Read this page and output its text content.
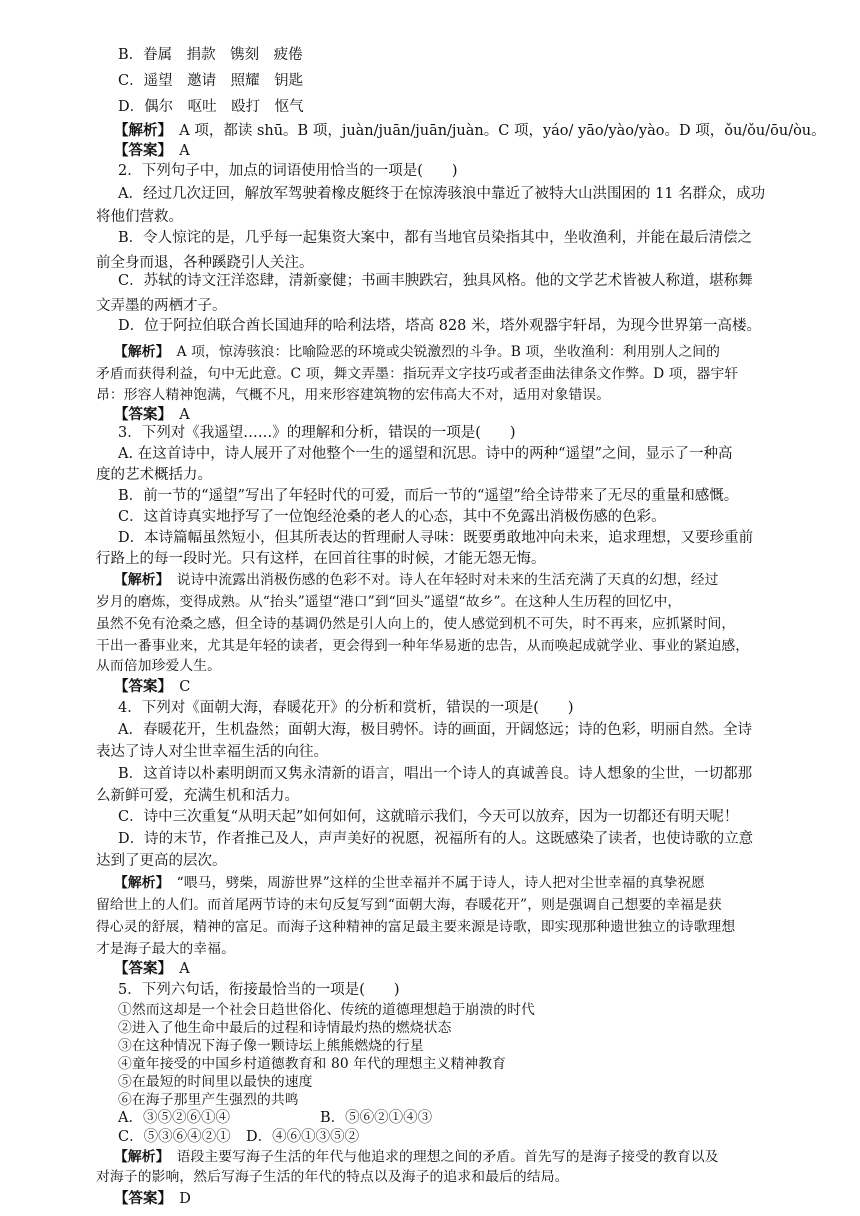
B．眷属　捐款　镌刻　疲倦
C．遥望　邀请　照耀　钥匙
D．偶尔　呕吐　殴打　怄气
【解析】　 A 项，都读 shū。B 项，juàn/juān/juān/juàn。C 项，yáo/ yāo/yào/yào。D 项，ǒu/ǒu/ōu/òu。
【答案】　 A
2．下列句子中，加点的词语使用恰当的一项是(　　)
A．经过几次迂回，解放军驾驶着橡皮艇终于在惊涛骇浪中靠近了被特大山洪围困的 11 名群众，成功
将他们营救。
B．令人惊诧的是，几乎每一起集资大案中，都有当地官员染指其中，坐收渔利，并能在最后清偿之
前全身而退，各种蹊跷引人关注。
C．苏轼的诗文汪洋恣肆，清新豪健；书画丰腴跌宕，独具风格。他的文学艺术皆被人称道，堪称舞
文弄墨的两栖才子。
D．位于阿拉伯联合酋长国迪拜的哈利法塔，塔高 828 米，塔外观器宇轩昂，为现今世界第一高楼。
【解析】　 A 项，惊涛骇浪：比喻险恶的环境或尖锐激烈的斗争。B 项，坐收渔利：利用别人之间的
矛盾而获得利益，句中无此意。C 项，舞文弄墨：指玩弄文字技巧或者歪曲法律条文作弊。D 项，器宇轩
昂：形容人精神饱满，气概不凡，用来形容建筑物的宏伟高大不对，适用对象错误。
【答案】　 A
3．下列对《我遥望……》的理解和分析，错误的一项是(　　)
A. 在这首诗中，诗人展开了对他整个一生的遥望和沉思。诗中的两种“遥望”之间，显示了一种高
度的艺术概括力。
B．前一节的“遥望”写出了年轻时代的可爱，而后一节的“遥望”给全诗带来了无尽的重量和感慨。
C．这首诗真实地抒写了一位饱经沧桑的老人的心态，其中不免露出消极伤感的色彩。
D．本诗篇幅虽然短小，但其所表达的哲理耐人寻味：既要勇敢地冲向未来，追求理想，又要珍重前
行路上的每一段时光。只有这样，在回首往事的时候，才能无怨无悔。
【解析】　 说诗中流露出消极伤感的色彩不对。诗人在年轻时对未来的生活充满了天真的幻想，经过
岁月的磨炼，变得成熟。从“抬头”遥望“港口”到“回头”遥望“故乡”。在这种人生历程的回忆中，
虽然不免有沧桑之感，但全诗的基调仍然是引人向上的，使人感觉到机不可失，时不再来，应抓紧时间，
干出一番事业来，尤其是年轻的读者，更会得到一种年华易逝的忠告，从而唤起成就学业、事业的紧迫感，
从而倍加珍爱人生。
【答案】　 C
4．下列对《面朝大海，春暖花开》的分析和赏析，错误的一项是(　　)
A．春暖花开，生机盎然；面朝大海，极目骋怀。诗的画面，开阔悠远；诗的色彩，明丽自然。全诗
表达了诗人对尘世幸福生活的向往。
B．这首诗以朴素明朗而又隽永清新的语言，唱出一个诗人的真诚善良。诗人想象的尘世，一切都那
么新鲜可爱，充满生机和活力。
C．诗中三次重复“从明天起”如何如何，这就暗示我们，今天可以放弃，因为一切都还有明天呢！
D．诗的末节，作者推己及人，声声美好的祝愿，祝福所有的人。这既感染了读者，也使诗歌的立意
达到了更高的层次。
【解析】　 “喂马，劈柴，周游世界”这样的尘世幸福并不属于诗人，诗人把对尘世幸福的真挚祝愿
留给世上的人们。而首尾两节诗的末句反复写到“面朝大海，春暖花开”，则是强调自己想要的幸福是获
得心灵的舒展，精神的富足。而海子这种精神的富足最主要来源是诗歌，即实现那种遗世独立的诗歌理想
才是海子最大的幸福。
【答案】　 A
5．下列六句话，衔接最恰当的一项是(　　)
①然而这却是一个社会日趋世俗化、传统的道德理想趋于崩溃的时代
②进入了他生命中最后的过程和诗情最灼热的燃烧状态
③在这种情况下海子像一颗诗坛上熊熊燃烧的行星
④童年接受的中国乡村道德教育和 80 年代的理想主义精神教育
⑤在最短的时间里以最快的速度
⑥在海子那里产生强烈的共鸣
A．③⑤②⑥①④	B．⑤⑥②①④③
C．⑤③⑥④②① D．④⑥①③⑤②
【解析】　 语段主要写海子生活的年代与他追求的理想之间的矛盾。首先写的是海子接受的教育以及
对海子的影响，然后写海子生活的年代的特点以及海子的追求和最后的结局。
【答案】　 D
